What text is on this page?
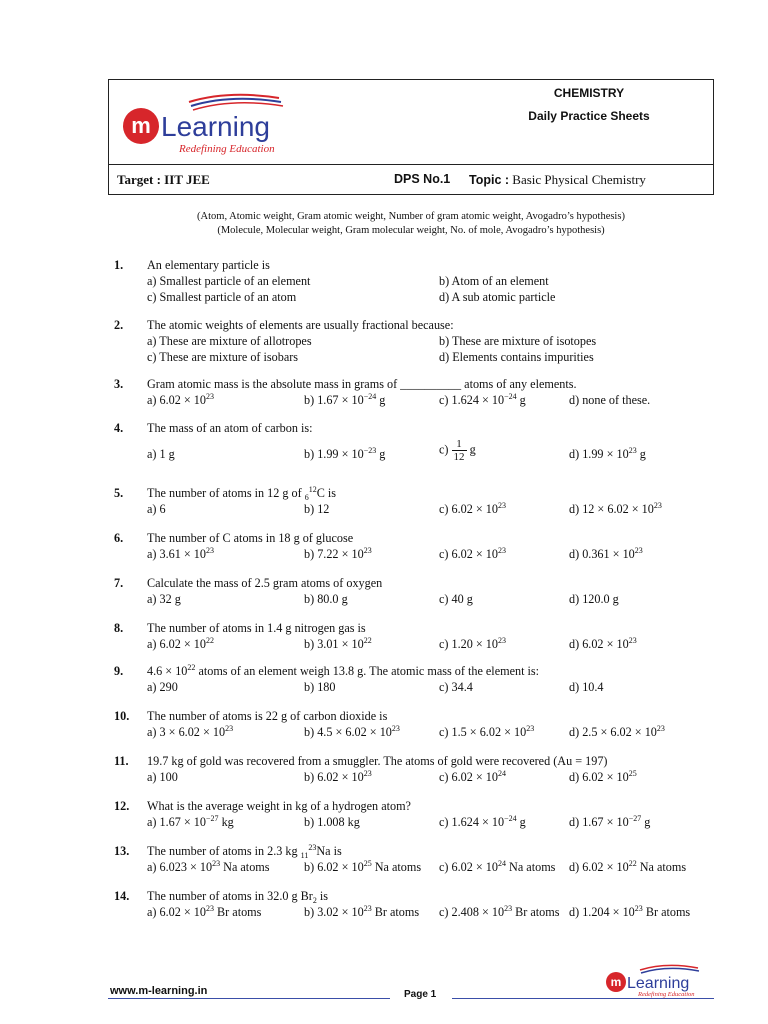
m Learning
Redefining Education
CHEMISTRY
Daily Practice Sheets
Target : IIT JEE	DPS No.1 Topic : Basic Physical Chemistry
(Atom, Atomic weight, Gram atomic weight, Number of gram atomic weight, Avogadro’s hypothesis)
(Molecule, Molecular weight, Gram molecular weight, No. of mole, Avogadro’s hypothesis)
1. An elementary particle is
a) Smallest particle of an element	b) Atom of an element
c) Smallest particle of an atom	d) A sub atomic particle
2. The atomic weights of elements are usually fractional because:
a) These are mixture of allotropes	b) These are mixture of isotopes
c) These are mixture of isobars	d) Elements contains impurities
3. Gram atomic mass is the absolute mass in grams of __________ atoms of any elements.
a) $6.02 \times 10^{23}$	b) $1.67 \times 10^{-24}$ g	c) $1.624 \times 10^{-24}$ g	d) none of these.
4. The mass of an atom of carbon is:
a) 1 g	b) $1.99 \times 10^{-23}$ g	$c) \frac{1}{12}$ g	d) $1.99 \times 10^{23}$ g
5. The number of atoms in 12 g of $_6^{12}$C is
a) 6	b) 12	c) $6.02 \times 10^{23}$	d) $12 \times 6.02 \times 10^{23}$
6. The number of C atoms in 18 g of glucose
a) $3.61 \times 10^{23}$	b) $7.22 \times 10^{23}$	c) $6.02 \times 10^{23}$	d) $0.361 \times 10^{23}$
7. Calculate the mass of 2.5 gram atoms of oxygen
a) 32 g	b) 80.0 g	c) 40 g	d) 120.0 g
8. The number of atoms in 1.4 g nitrogen gas is
a) $6.02 \times 10^{22}$	b) $3.01 \times 10^{22}$	c) $1.20 \times 10^{23}$	d) $6.02 \times 10^{23}$
9. $4.6 \times 10^{22}$ atoms of an element weigh 13.8 g. The atomic mass of the element is:
a) 290	b) 180	c) 34.4	d) 10.4
10. The number of atoms is 22 g of carbon dioxide is
a) $3 \times 6.02 \times 10^{23}$	b) $4.5 \times 6.02 \times 10^{23}$	c) $1.5 \times 6.02 \times 10^{23}$	d) $2.5 \times 6.02 \times 10^{23}$
11. 19.7 kg of gold was recovered from a smuggler. The atoms of gold were recovered (Au = 197)
a) 100	b) $6.02 \times 10^{23}$	c) $6.02 \times 10^{24}$	d) $6.02 \times 10^{25}$
12. What is the average weight in kg of a hydrogen atom?
a) $1.67 \times 10^{-27}$ kg	b) 1.008 kg	c) $1.624 \times 10^{-24}$ g	d) $1.67 \times 10^{-27}$ g
13. The number of atoms in 2.3 kg $_{11}^{23}$Na is
a) $6.023 \times 10^{23}$ Na atoms	b) $6.02 \times 10^{25}$ Na atoms c) $6.02 \times 10^{24}$ Na atoms d) $6.02 \times 10^{22}$ Na atoms
14. The number of atoms in 32.0 g $Br_2$ is
a) $6.02 \times 10^{23}$ Br atoms	b) $3.02 \times 10^{23}$ Br atoms c) $2.408 \times 10^{23}$ Br atoms d) $1.204 \times 10^{23}$ Br atoms
www.m-learning.in	Page 1
m Learning
Redefining Education
